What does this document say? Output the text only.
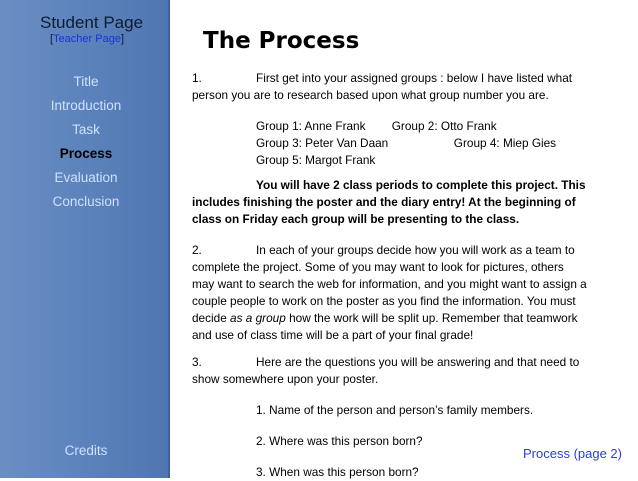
Student Page
[Teacher Page]
Title
Introduction
Task
Process
Evaluation
Conclusion
Credits
The Process

1.	First get into your assigned groups : below I have listed what person you are to research based upon what group number you are.

Group 1: Anne Frank        Group 2: Otto Frank
Group 3: Peter Van Daan                    Group 4: Miep Gies
Group 5: Margot Frank

You will have 2 class periods to complete this project. This
includes finishing the poster and the diary entry! At the beginning of class on Friday each group will be presenting to the class.

2.	In each of your groups decide how you will work as a team to complete the project. Some of you may want to look for pictures, others may want to search the web for information, and you might want to assign a couple people to work on the poster as you find the information. You must decide as a group how the work will be split up. Remember that teamwork and use of class time will be a part of your final grade!

3.	Here are the questions you will be answering and that need to show somewhere upon your poster.

1. Name of the person and person’s family members.
2. Where was this person born?
3. When was this person born?
Process (page 2)
